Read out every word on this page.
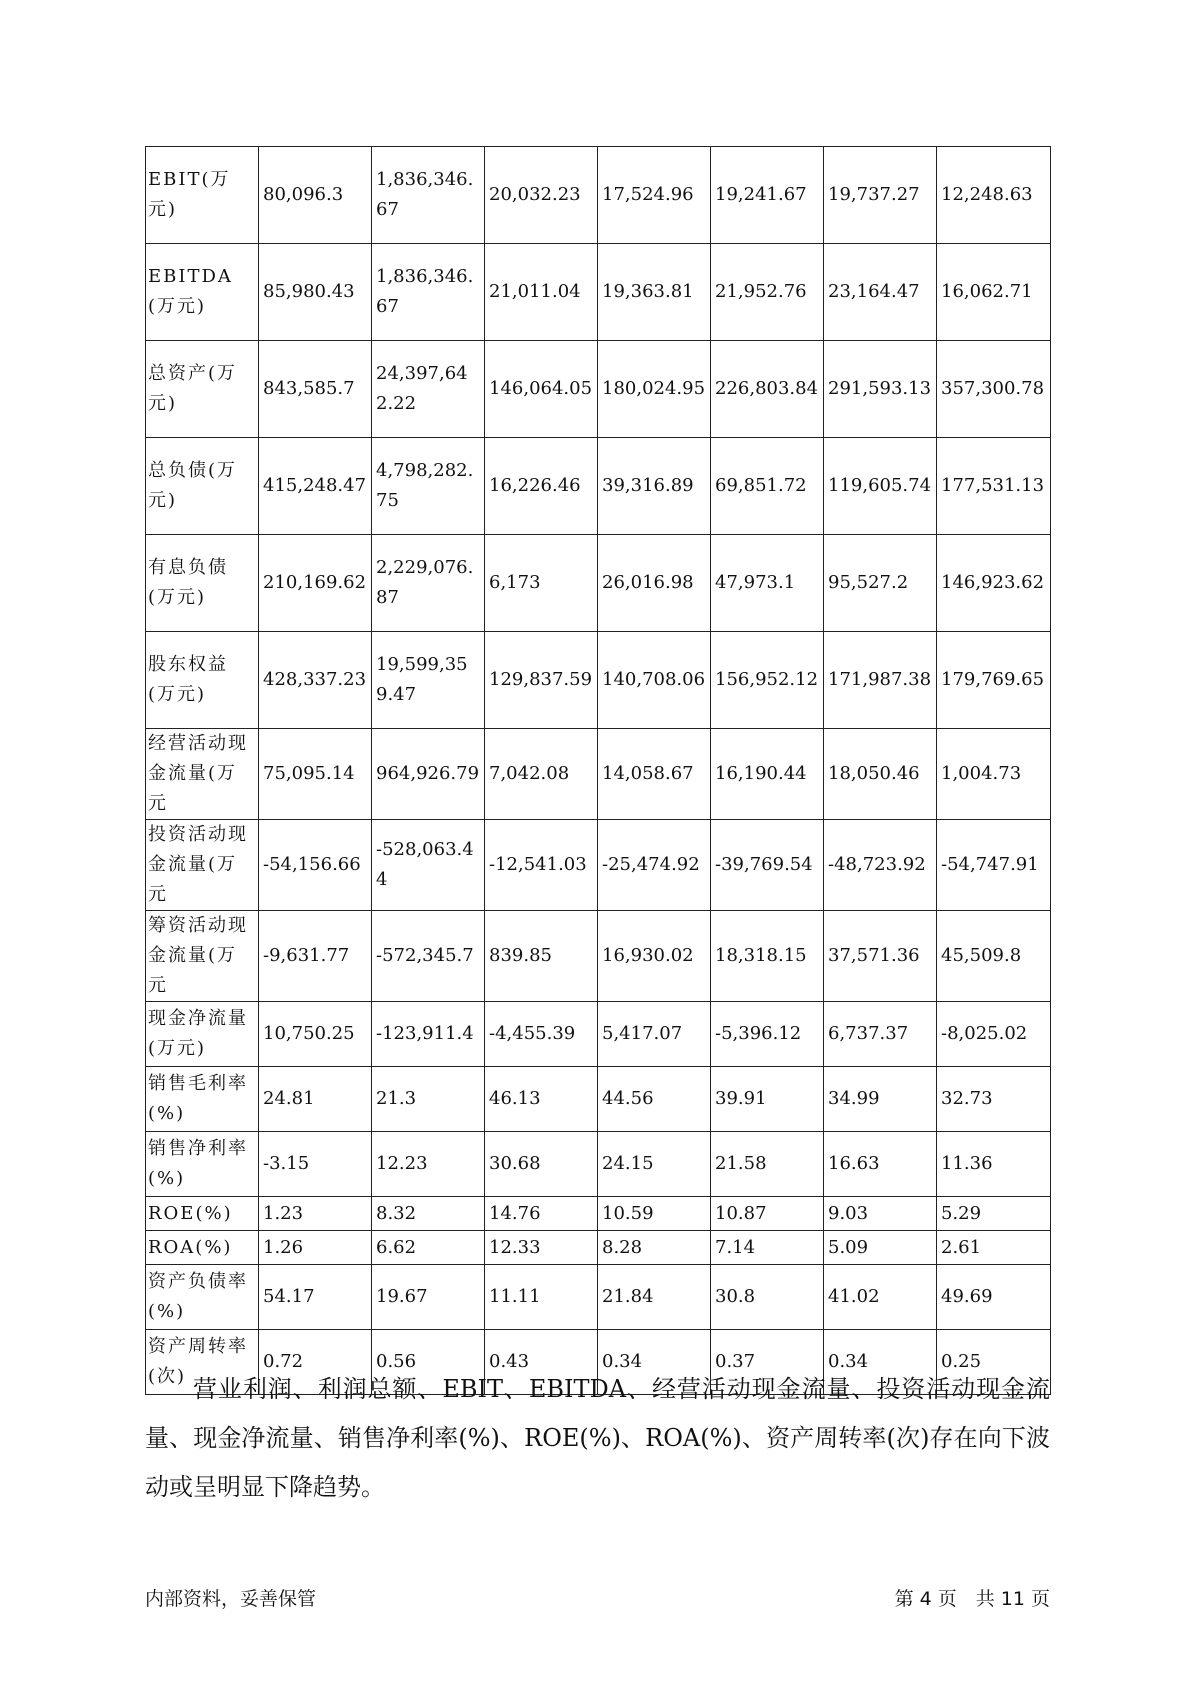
EBIT(万元)	80,096.3	1,836,346.67	20,032.23	17,524.96	19,241.67	19,737.27	12,248.63
EBITDA(万元)	85,980.43	1,836,346.67	21,011.04	19,363.81	21,952.76	23,164.47	16,062.71
总资产(万元)	843,585.7	24,397,642.22	146,064.05	180,024.95	226,803.84	291,593.13	357,300.78
总负债(万元)	415,248.47	4,798,282.75	16,226.46	39,316.89	69,851.72	119,605.74	177,531.13
有息负债(万元)	210,169.62	2,229,076.87	6,173	26,016.98	47,973.1	95,527.2	146,923.62
股东权益(万元)	428,337.23	19,599,359.47	129,837.59	140,708.06	156,952.12	171,987.38	179,769.65
经营活动现金流量(万元	75,095.14	964,926.79	7,042.08	14,058.67	16,190.44	18,050.46	1,004.73
投资活动现金流量(万元	-54,156.66	-528,063.44	-12,541.03	-25,474.92	-39,769.54	-48,723.92	-54,747.91
筹资活动现金流量(万元	-9,631.77	-572,345.7	839.85	16,930.02	18,318.15	37,571.36	45,509.8
现金净流量(万元)	10,750.25	-123,911.4	-4,455.39	5,417.07	-5,396.12	6,737.37	-8,025.02
销售毛利率(%)	24.81	21.3	46.13	44.56	39.91	34.99	32.73
销售净利率(%)	-3.15	12.23	30.68	24.15	21.58	16.63	11.36
ROE(%)	1.23	8.32	14.76	10.59	10.87	9.03	5.29
ROA(%)	1.26	6.62	12.33	8.28	7.14	5.09	2.61
资产负债率(%)	54.17	19.67	11.11	21.84	30.8	41.02	49.69
资产周转率(次)	0.72	0.56	0.43	0.34	0.37	0.34	0.25

营业利润、利润总额、EBIT、EBITDA、经营活动现金流量、投资活动现金流量、现金净流量、销售净利率(%)、ROE(%)、ROA(%)、资产周转率(次)存在向下波动或呈明显下降趋势。

内部资料，妥善保管	第 4 页　共 11 页
